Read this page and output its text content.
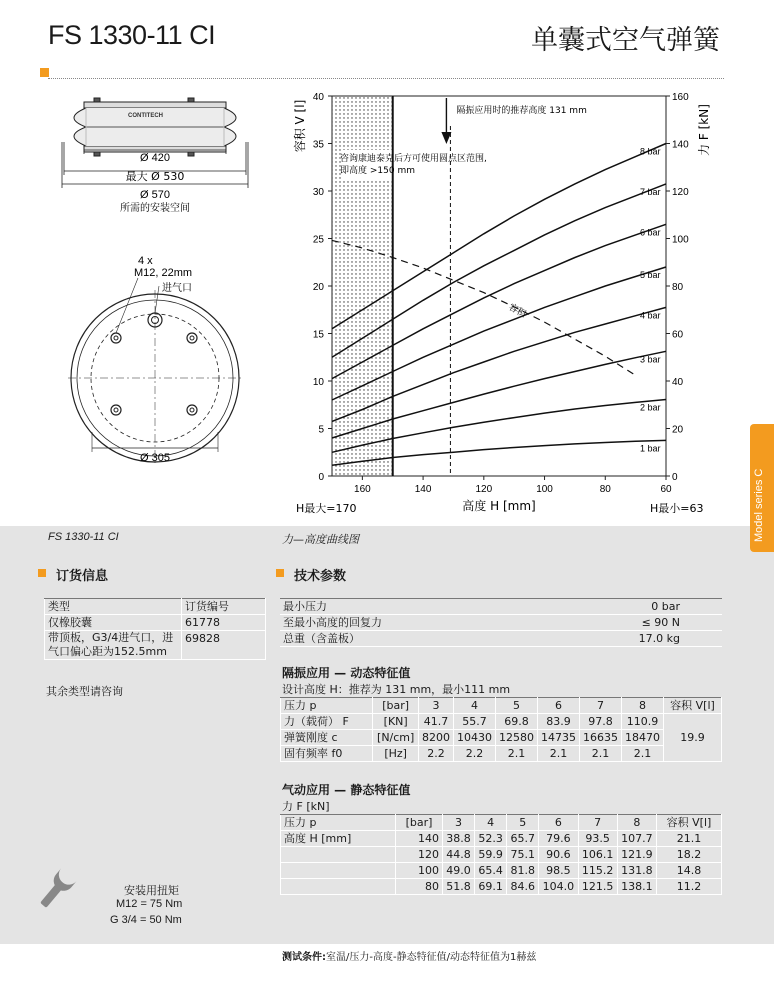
FS 1330-11 CI	单囊式空气弹簧
CONTITECH
Ø 420
最大 Ø 530
Ø 570
所需的安装空间
4 x
M12, 22mm
进气口
Ø 305
160	140	120	100	80	60
0
5
10
15
20
25
30
35
40
0
20
40
60
80
100
120
140
160
1 bar
2 bar
3 bar
4 bar
5 bar
6 bar
7 bar
8 bar
容积
隔振应用时的推荐高度 131 mm
咨询康迪泰克后方可使用圆点区范围,
即高度 >150 mm
容积 V [l]	力 F [kN]
高度 H [mm]
H最大=170	H最小=63
FS 1330-11 CI	力—高度曲线图
订货信息
类型	订货编号
仅橡胶囊	61778
带顶板，G3/4进气口，进气口偏心距为152.5mm	69828
其余类型请咨询
技术参数
最小压力	0 bar
至最小高度的回复力	≤ 90 N
总重（含盖板）	17.0 kg
隔振应用 — 动态特征值
设计高度 H：推荐为 131 mm，最小111 mm
压力 p	[bar]	3	4	5	6	7	8	容积 V[l]
力（载荷） F	[KN]	41.7	55.7	69.8	83.9	97.8	110.9	19.9
弹簧刚度 c	[N/cm]	8200	10430	12580	14735	16635	18470	
固有频率 f0	[Hz]	2.2	2.2	2.1	2.1	2.1	2.1	
气动应用 — 静态特征值
力 F [kN]
压力 p	[bar]	3	4	5	6	7	8	容积 V[l]
高度 H [mm]	140	38.8	52.3	65.7	79.6	93.5	107.7	21.1
	120	44.8	59.9	75.1	90.6	106.1	121.9	18.2
	100	49.0	65.4	81.8	98.5	115.2	131.8	14.8
	80	51.8	69.1	84.6	104.0	121.5	138.1	11.2
安装用扭矩
M12 = 75 Nm
G 3/4 = 50 Nm
测试条件:室温/压力-高度-静态特征值/动态特征值为1赫兹
Model series C
